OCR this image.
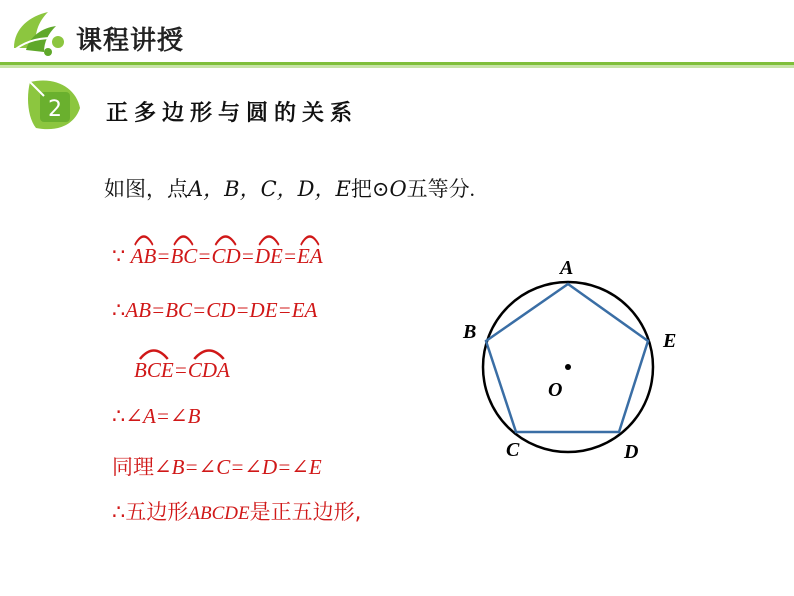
课程讲授
2 正多边形与圆的关系
如图，点A，B，C，D，E把⊙O五等分.
∵ AB=
BC=
CD=
DE=
EA
∴AB=BC=CD=DE=EA
BCE=
CDA
∴∠A=∠B
同理∠B=∠C=∠D=∠E
∴五边形ABCDE是正五边形,
A
B
C	D
E
O
